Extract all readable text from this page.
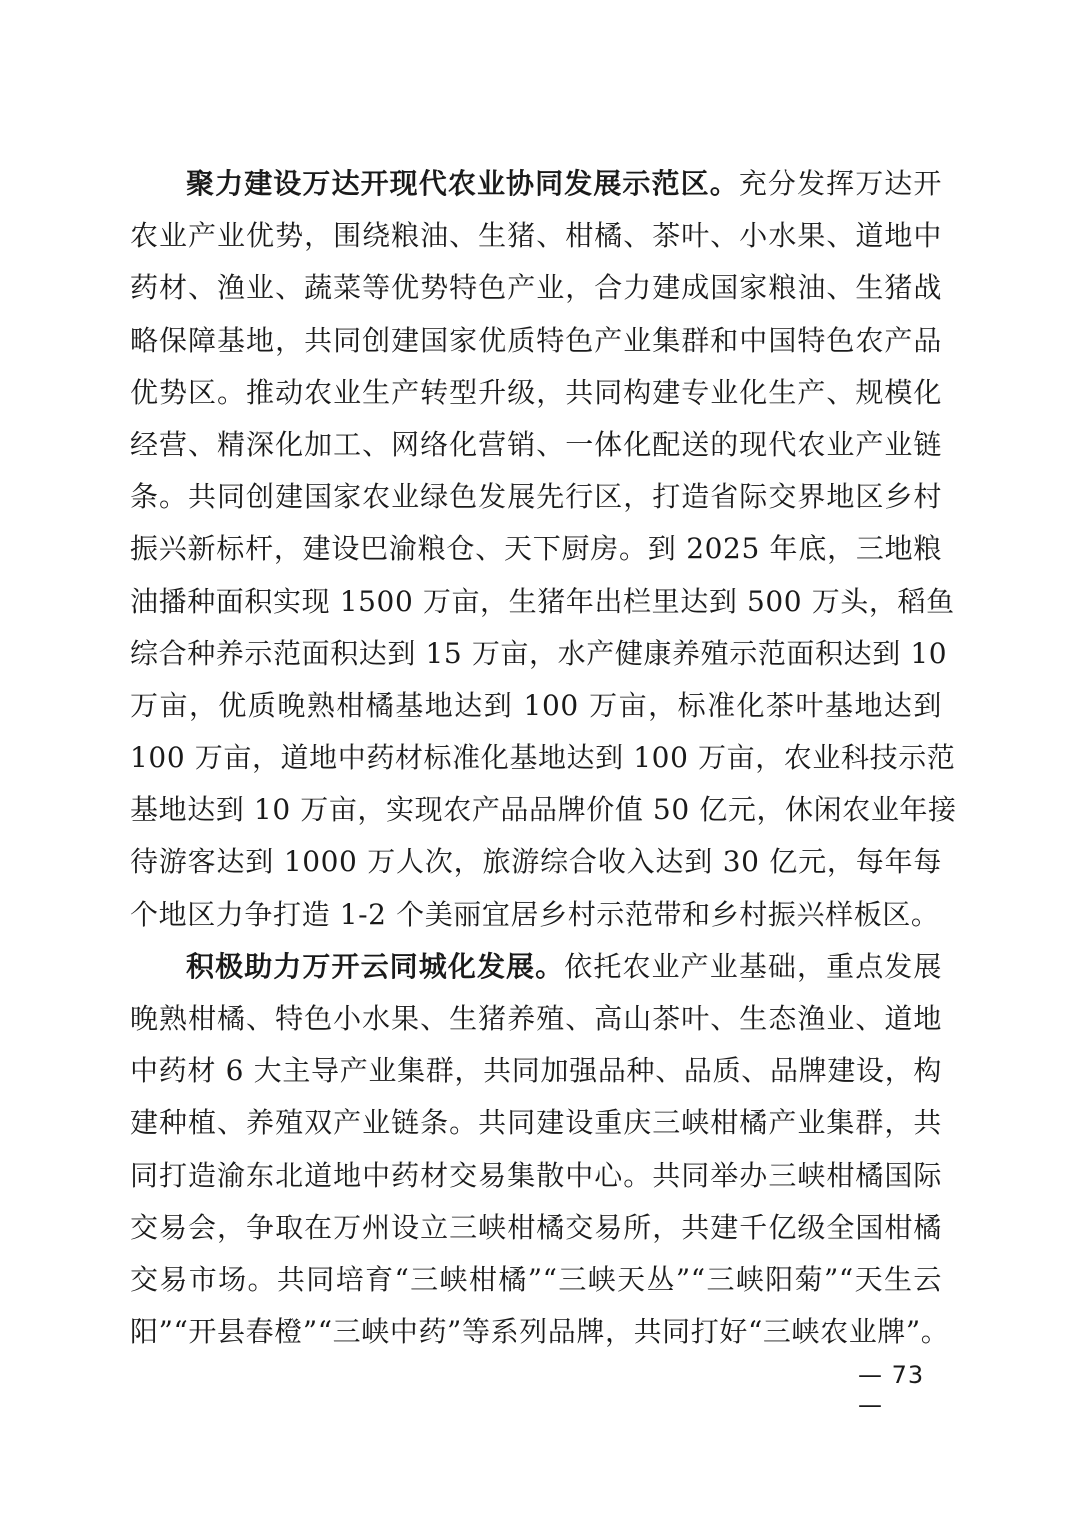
聚力建设万达开现代农业协同发展示范区。充分发挥万达开
农业产业优势，围绕粮油、生猪、柑橘、茶叶、小水果、道地中
药材、渔业、蔬菜等优势特色产业，合力建成国家粮油、生猪战
略保障基地，共同创建国家优质特色产业集群和中国特色农产品
优势区。推动农业生产转型升级，共同构建专业化生产、规模化
经营、精深化加工、网络化营销、一体化配送的现代农业产业链
条。共同创建国家农业绿色发展先行区，打造省际交界地区乡村
振兴新标杆，建设巴渝粮仓、天下厨房。到 2025 年底，三地粮
油播种面积实现 1500 万亩，生猪年出栏里达到 500 万头，稻鱼
综合种养示范面积达到 15 万亩，水产健康养殖示范面积达到 10
万亩，优质晚熟柑橘基地达到 100 万亩，标准化茶叶基地达到
100 万亩，道地中药材标准化基地达到 100 万亩，农业科技示范
基地达到 10 万亩，实现农产品品牌价值 50 亿元，休闲农业年接
待游客达到 1000 万人次，旅游综合收入达到 30 亿元，每年每
个地区力争打造 1-2 个美丽宜居乡村示范带和乡村振兴样板区。
积极助力万开云同城化发展。依托农业产业基础，重点发展
晚熟柑橘、特色小水果、生猪养殖、高山茶叶、生态渔业、道地
中药材 6 大主导产业集群，共同加强品种、品质、品牌建设，构
建种植、养殖双产业链条。共同建设重庆三峡柑橘产业集群，共
同打造渝东北道地中药材交易集散中心。共同举办三峡柑橘国际
交易会，争取在万州设立三峡柑橘交易所，共建千亿级全国柑橘
交易市场。共同培育“三峡柑橘”“三峡天丛”“三峡阳菊”“天生云
阳”“开县春橙”“三峡中药”等系列品牌，共同打好“三峡农业牌”。
— 73 —
